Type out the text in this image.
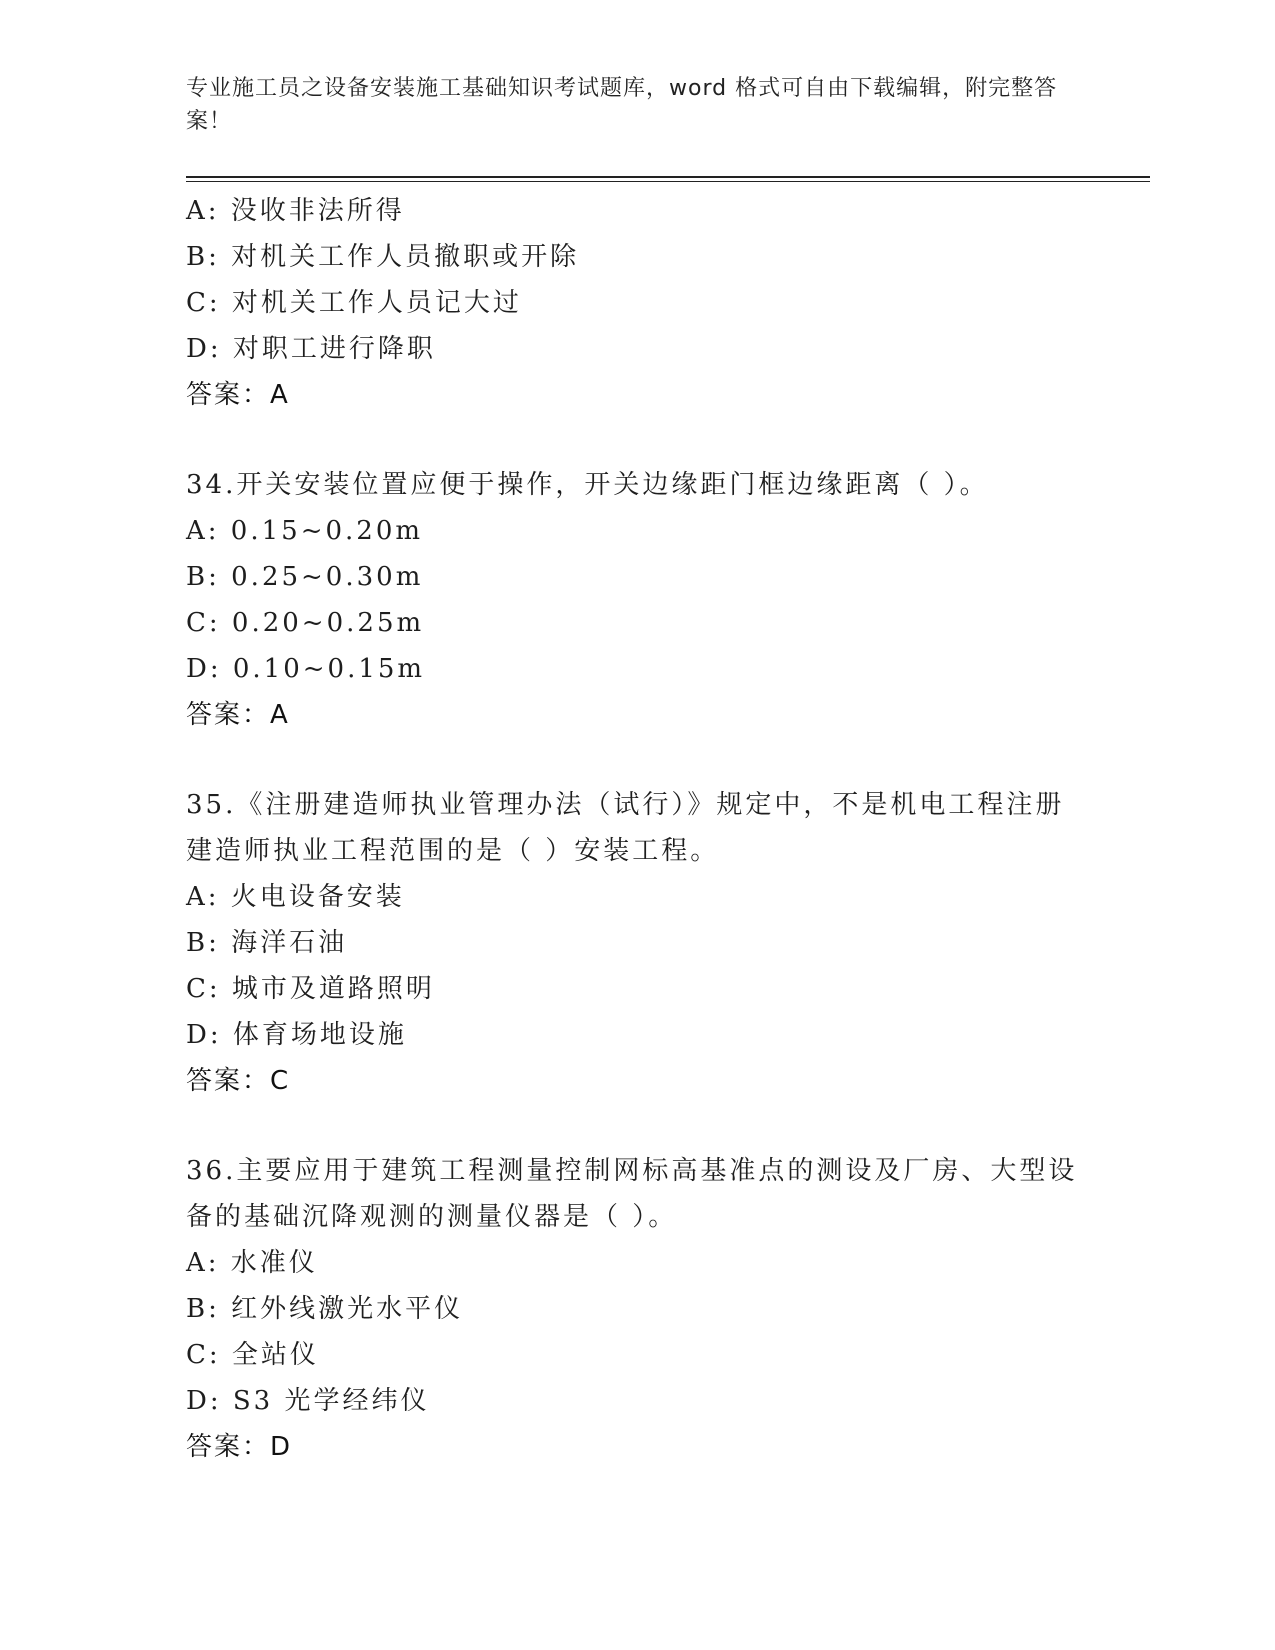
专业施工员之设备安装施工基础知识考试题库，word 格式可自由下载编辑，附完整答案！
A: 没收非法所得
B: 对机关工作人员撤职或开除
C: 对机关工作人员记大过
D: 对职工进行降职
答案：A
34.开关安装位置应便于操作，开关边缘距门框边缘距离（ ）。
A: 0.15~0.20m
B: 0.25~0.30m
C: 0.20~0.25m
D: 0.10~0.15m
答案：A
35.《注册建造师执业管理办法（试行）》规定中，不是机电工程注册建造师执业工程范围的是（ ）安装工程。
A: 火电设备安装
B: 海洋石油
C: 城市及道路照明
D: 体育场地设施
答案：C
36.主要应用于建筑工程测量控制网标高基准点的测设及厂房、大型设备的基础沉降观测的测量仪器是（ ）。
A: 水准仪
B: 红外线激光水平仪
C: 全站仪
D: S3 光学经纬仪
答案：D
